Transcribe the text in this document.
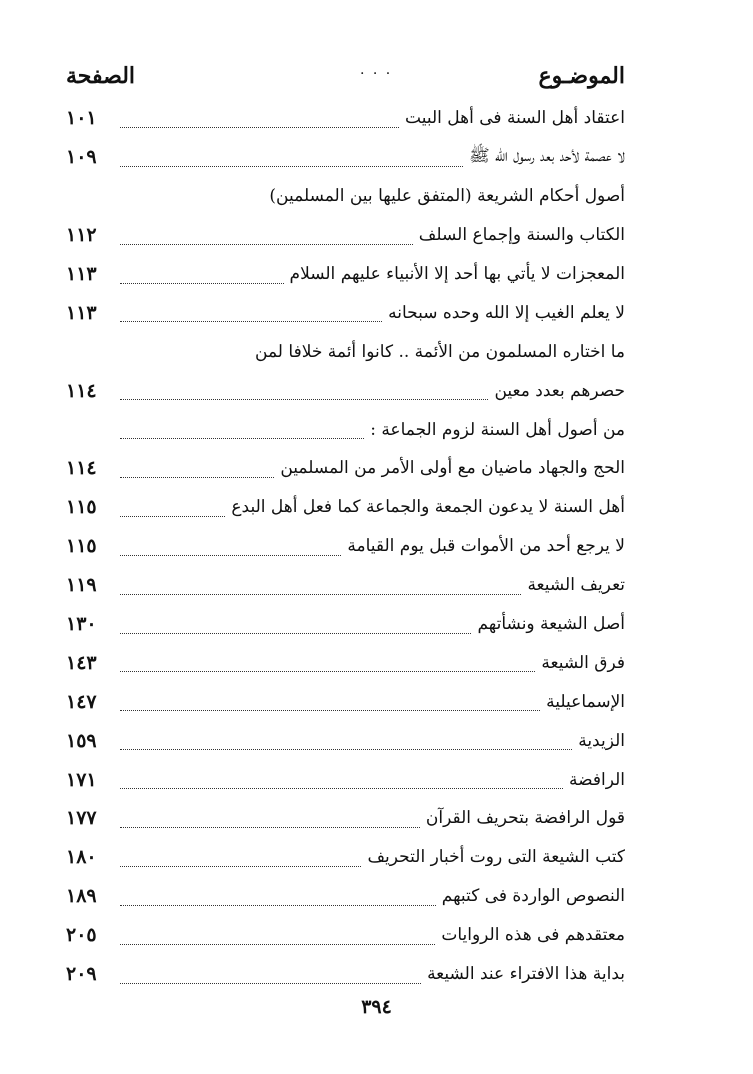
الموضـوع
الصفحة	. . .
اعتقاد أهل السنة فى أهل البيت
١٠١
لا عصمة لأحد بعد رسول الله ﷺ
١٠٩
أصول أحكام الشريعة (المتفق عليها بين المسلمين)
الكتاب والسنة وإجماع السلف
١١٢
المعجزات لا يأتي بها أحد إلا الأنبياء عليهم السلام
١١٣
لا يعلم الغيب إلا الله وحده سبحانه
١١٣
ما اختاره المسلمون من الأئمة .. كانوا أئمة خلافا لمن
حصرهم بعدد معين
١١٤
من أصول أهل السنة لزوم الجماعة :
الحج والجهاد ماضيان مع أولى الأمر من المسلمين
١١٤
أهل السنة لا يدعون الجمعة والجماعة كما فعل أهل البدع
١١٥
لا يرجع أحد من الأموات قبل يوم القيامة
١١٥
تعريف الشيعة
١١٩
أصل الشيعة ونشأتهم
١٣٠
فرق الشيعة
١٤٣
الإسماعيلية
١٤٧
الزيدية
١٥٩
الرافضة
١٧١
قول الرافضة بتحريف القرآن
١٧٧
كتب الشيعة التى روت أخبار التحريف
١٨٠
النصوص الواردة فى كتبهم
١٨٩
معتقدهم فى هذه الروايات
٢٠٥
بداية هذا الافتراء عند الشيعة
٢٠٩
٣٩٤
